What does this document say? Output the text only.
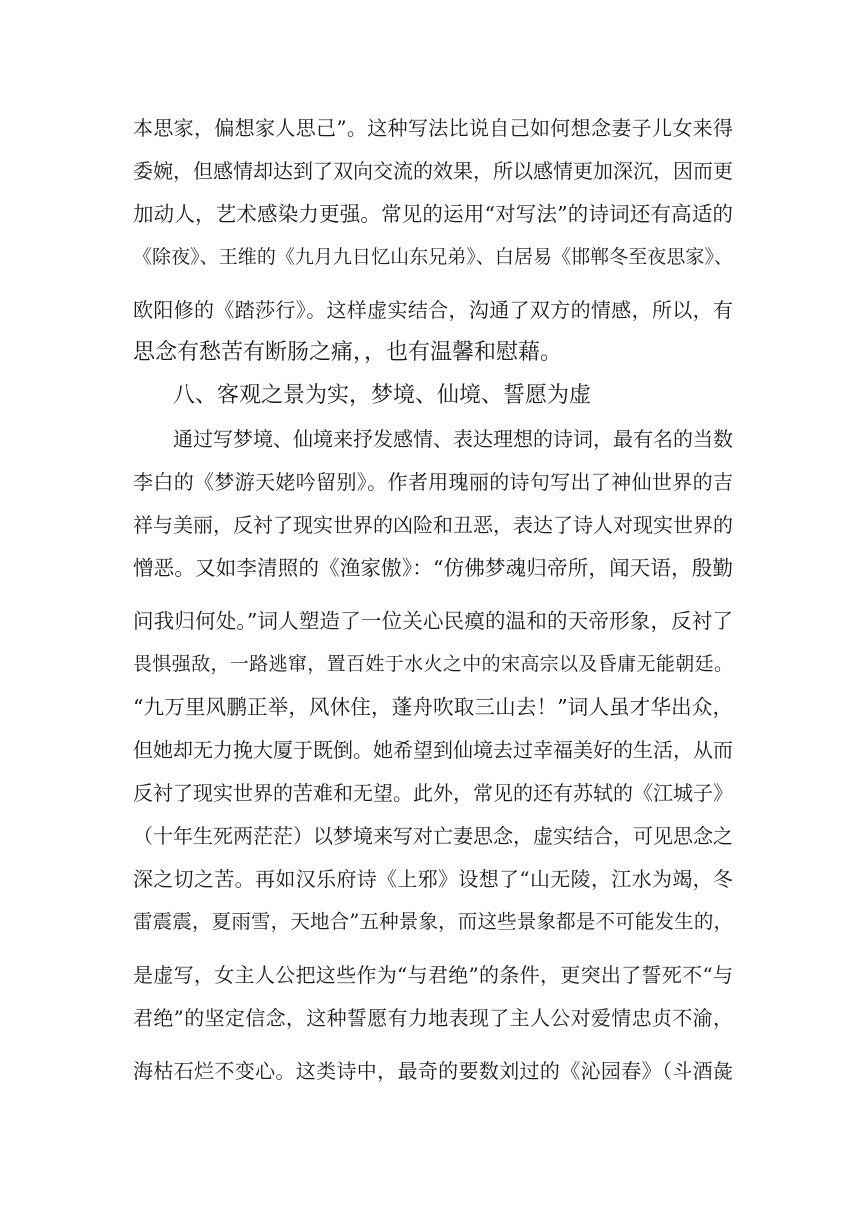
本思家，偏想家人思己”。这种写法比说自己如何想念妻子儿女来得
委婉，但感情却达到了双向交流的效果，所以感情更加深沉，因而更
加动人，艺术感染力更强。常见的运用“对写法”的诗词还有高适的
《除夜》、王维的《九月九日忆山东兄弟》、白居易《邯郸冬至夜思家》、
欧阳修的《踏莎行》。这样虚实结合，沟通了双方的情感，所以，有
思念有愁苦有断肠之痛，，也有温馨和慰藉。
八、客观之景为实，梦境、仙境、誓愿为虚
通过写梦境、仙境来抒发感情、表达理想的诗词，最有名的当数
李白的《梦游天姥吟留别》。作者用瑰丽的诗句写出了神仙世界的吉
祥与美丽，反衬了现实世界的凶险和丑恶，表达了诗人对现实世界的
憎恶。又如李清照的《渔家傲》：“仿佛梦魂归帝所，闻天语，殷勤
问我归何处。”词人塑造了一位关心民瘼的温和的天帝形象，反衬了
畏惧强敌，一路逃窜，置百姓于水火之中的宋高宗以及昏庸无能朝廷。
“九万里风鹏正举，风休住，蓬舟吹取三山去！”词人虽才华出众，
但她却无力挽大厦于既倒。她希望到仙境去过幸福美好的生活，从而
反衬了现实世界的苦难和无望。此外，常见的还有苏轼的《江城子》
（十年生死两茫茫）以梦境来写对亡妻思念，虚实结合，可见思念之
深之切之苦。再如汉乐府诗《上邪》设想了“山无陵，江水为竭，冬
雷震震，夏雨雪，天地合”五种景象，而这些景象都是不可能发生的，
是虚写，女主人公把这些作为“与君绝”的条件，更突出了誓死不“与
君绝”的坚定信念，这种誓愿有力地表现了主人公对爱情忠贞不渝，
海枯石烂不变心。这类诗中，最奇的要数刘过的《沁园春》（斗酒彘
